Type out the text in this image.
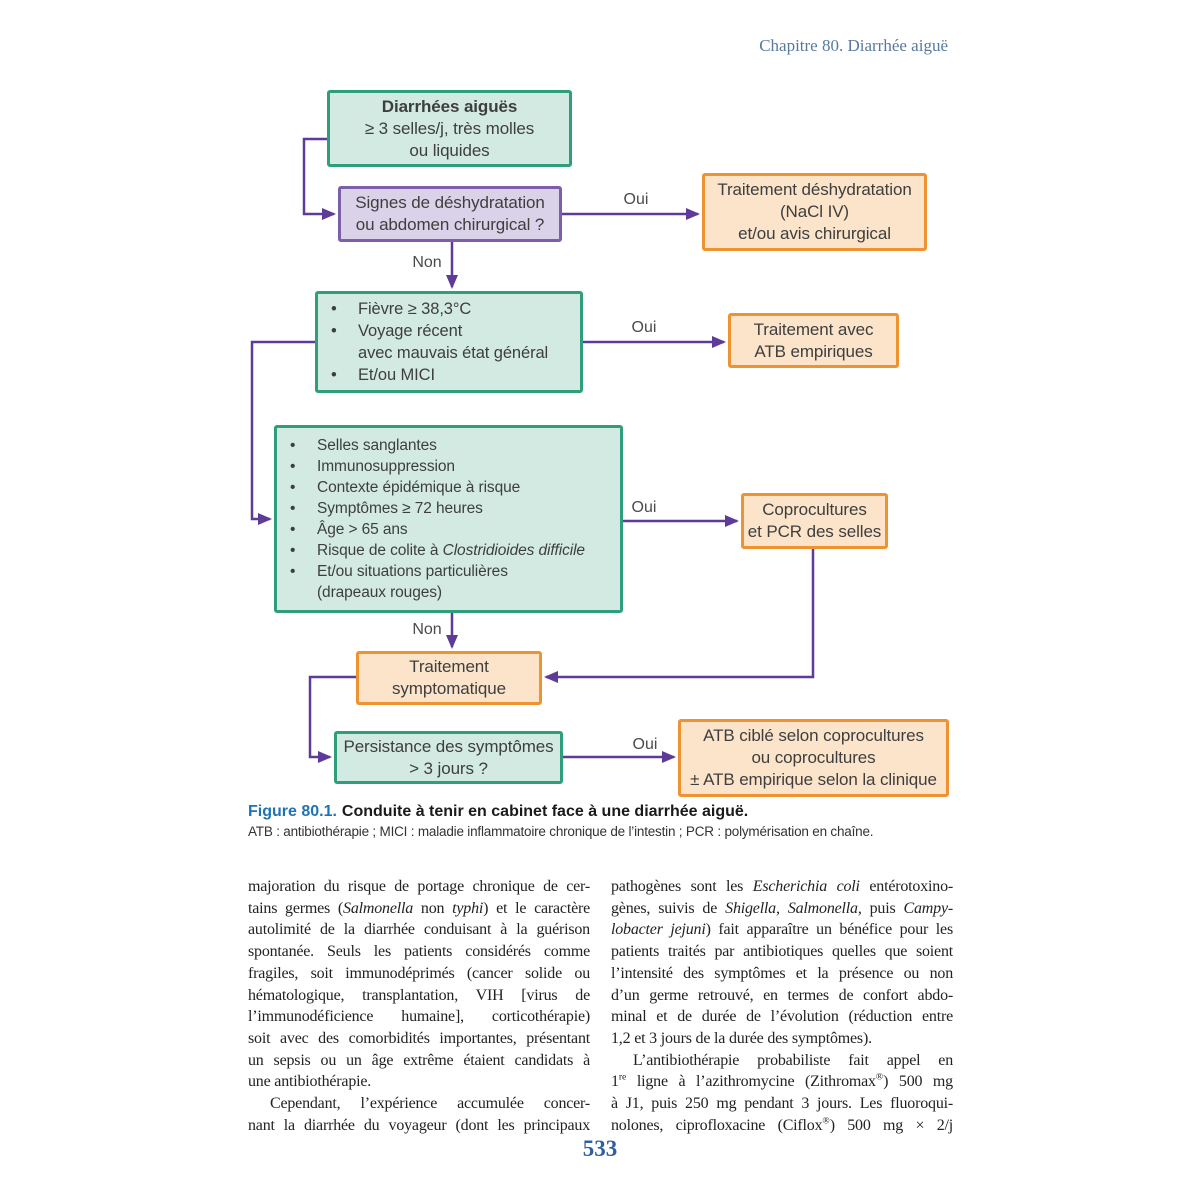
Chapitre 80. Diarrhée aiguë
Diarrhées aiguës
≥ 3 selles/j, très molles
ou liquides
Signes de déshydratation
ou abdomen chirurgical ?
Traitement déshydratation
(NaCl IV)
et/ou avis chirurgical
• Fièvre ≥ 38,3°C
• Voyage récent
avec mauvais état général
• Et/ou MICI
Traitement avec
ATB empiriques
• Selles sanglantes
• Immunosuppression
• Contexte épidémique à risque
• Symptômes ≥ 72 heures
• Âge > 65 ans
• Risque de colite à Clostridioides difficile
• Et/ou situations particulières
(drapeaux rouges)
Coprocultures
et PCR des selles
Traitement
symptomatique
Persistance des symptômes
> 3 jours ?
ATB ciblé selon coprocultures
ou coprocultures
± ATB empirique selon la clinique
Oui
Non
Oui
Oui
Non
Oui
Figure 80.1. Conduite à tenir en cabinet face à une diarrhée aiguë.
ATB : antibiothérapie ; MICI : maladie inflammatoire chronique de l’intestin ; PCR : polymérisation en chaîne.
majoration du risque de portage chronique de cer-
tains germes (Salmonella non typhi) et le caractère
autolimité de la diarrhée conduisant à la guérison
spontanée. Seuls les patients considérés comme
fragiles, soit immunodéprimés (cancer solide ou
hématologique, transplantation, VIH [virus de
l’immunodéficience humaine], corticothérapie)
soit avec des comorbidités importantes, présentant
un sepsis ou un âge extrême étaient candidats à
une antibiothérapie.
Cependant, l’expérience accumulée concer-
nant la diarrhée du voyageur (dont les principaux
pathogènes sont les Escherichia coli entérotoxino-
gènes, suivis de Shigella, Salmonella, puis Campy-
lobacter jejuni) fait apparaître un bénéfice pour les
patients traités par antibiotiques quelles que soient
l’intensité des symptômes et la présence ou non
d’un germe retrouvé, en termes de confort abdo-
minal et de durée de l’évolution (réduction entre
1,2 et 3 jours de la durée des symptômes).
L’antibiothérapie probabiliste fait appel en
1re ligne à l’azithromycine (Zithromax®) 500 mg
à J1, puis 250 mg pendant 3 jours. Les fluoroqui-
nolones, ciprofloxacine (Ciflox®) 500 mg × 2/j
533
